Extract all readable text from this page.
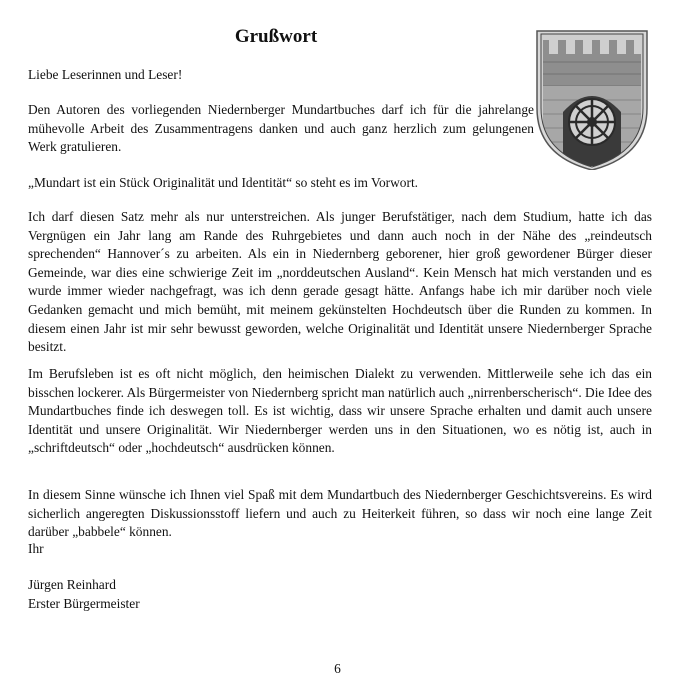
Grußwort

Liebe Leserinnen und Leser!

Den Autoren des vorliegenden Niedernberger Mundartbuches darf ich für die jahrelange mühevolle Arbeit des Zusammentragens danken und auch ganz herzlich zum gelungenen Werk gratulieren.

„Mundart ist ein Stück Originalität und Identität“ so steht es im Vorwort.

Ich darf diesen Satz mehr als nur unterstreichen. Als junger Berufstätiger, nach dem Studium, hatte ich das Vergnügen ein Jahr lang am Rande des Ruhrgebietes und dann auch noch in der Nähe des „reindeutsch sprechenden“ Hannover´s zu arbeiten. Als ein in Niedernberg geborener, hier groß gewordener Bürger dieser Gemeinde, war dies eine schwierige Zeit im „norddeutschen Ausland“. Kein Mensch hat mich verstanden und es wurde immer wieder nachgefragt, was ich denn gerade gesagt hätte. Anfangs habe ich mir darüber noch viele Gedanken gemacht und mich bemüht, mit meinem gekünstelten Hochdeutsch über die Runden zu kommen. In diesem einen Jahr ist mir sehr bewusst geworden, welche Originalität und Identität unsere Niedernberger Sprache besitzt.

Im Berufsleben ist es oft nicht möglich, den heimischen Dialekt zu verwenden. Mittlerweile sehe ich das ein bisschen lockerer. Als Bürgermeister von Niedernberg spricht man natürlich auch „nirrenberscherisch“. Die Idee des Mundartbuches finde ich deswegen toll. Es ist wichtig, dass wir unsere Sprache erhalten und damit auch unsere Identität und unsere Originalität. Wir Niedernberger werden uns in den Situationen, wo es nötig ist, auch in „schriftdeutsch“ oder „hochdeutsch“ ausdrücken können.

In diesem Sinne wünsche ich Ihnen viel Spaß mit dem Mundartbuch des Niedernberger Geschichtsvereins. Es wird sicherlich angeregten Diskussionsstoff liefern und auch zu Heiterkeit führen, so dass wir noch eine lange Zeit darüber „babbele“ können.

Ihr

Jürgen Reinhard
Erster Bürgermeister
6
